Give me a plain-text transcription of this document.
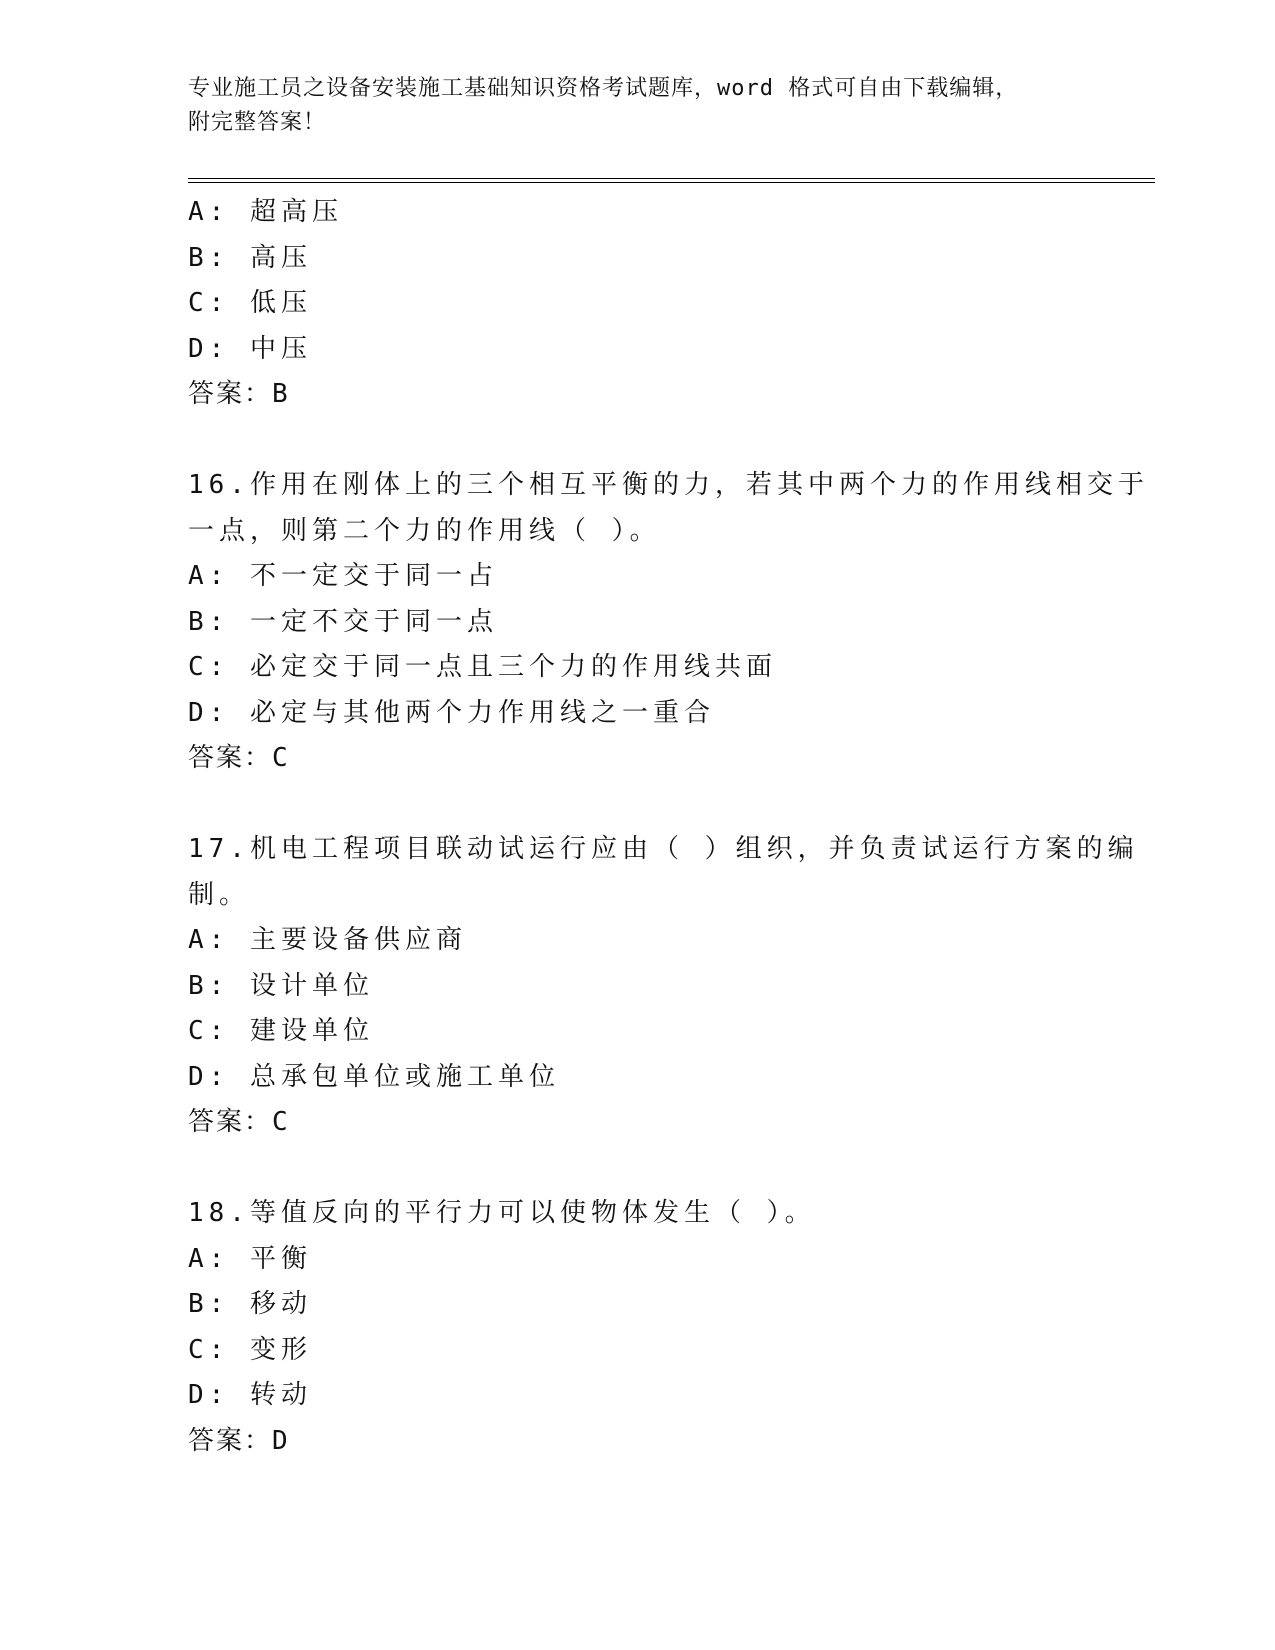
专业施工员之设备安装施工基础知识资格考试题库，word 格式可自由下载编辑，
附完整答案！
A: 超高压
B: 高压
C: 低压
D: 中压
答案：B
16.作用在刚体上的三个相互平衡的力，若其中两个力的作用线相交于
一点，则第二个力的作用线（ ）。
A: 不一定交于同一占
B: 一定不交于同一点
C: 必定交于同一点且三个力的作用线共面
D: 必定与其他两个力作用线之一重合
答案：C
17.机电工程项目联动试运行应由（ ）组织，并负责试运行方案的编
制。
A: 主要设备供应商
B: 设计单位
C: 建设单位
D: 总承包单位或施工单位
答案：C
18.等值反向的平行力可以使物体发生（ ）。
A: 平衡
B: 移动
C: 变形
D: 转动
答案：D
